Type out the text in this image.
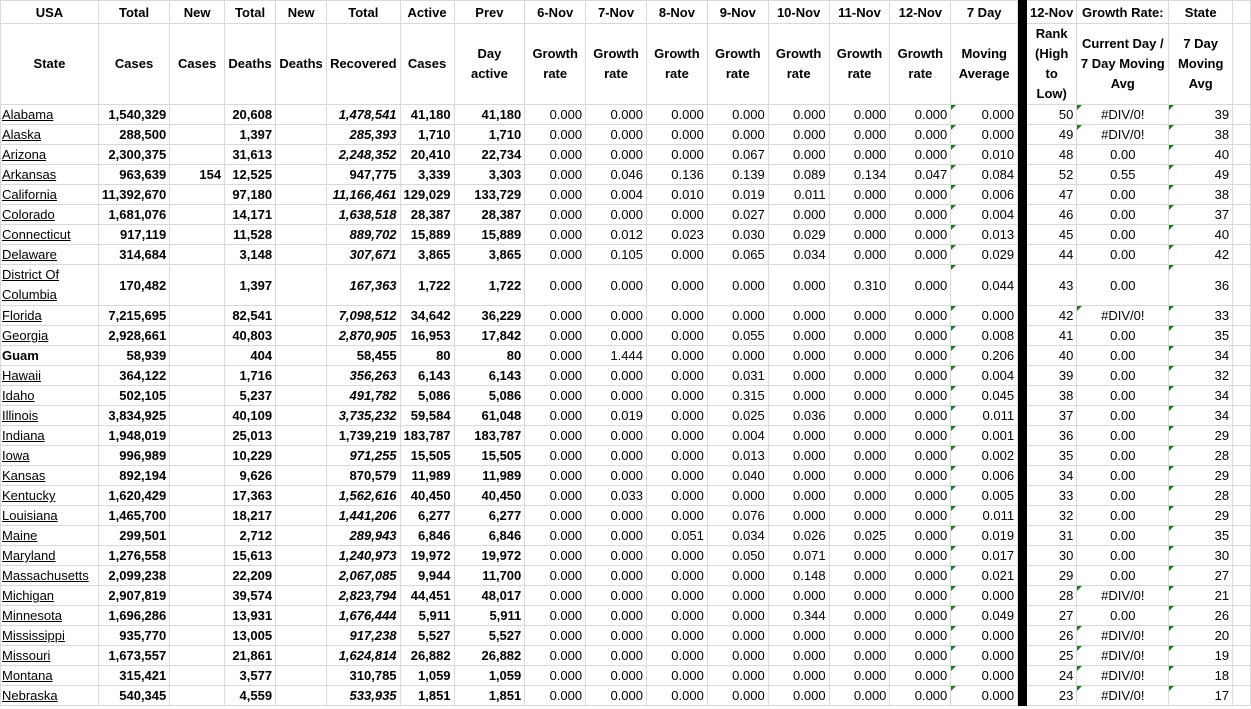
USA	Total	New	Total	New	Total	Active	Prev	6-Nov	7-Nov	8-Nov	9-Nov	10-Nov	11-Nov	12-Nov	7 Day		12-Nov	Growth Rate:	State	
State	Cases	Cases	Deaths	Deaths	Recovered	Cases	Day active	Growth rate	Growth rate	Growth rate	Growth rate	Growth rate	Growth rate	Growth rate	Moving Average		Rank (High to Low)	Current Day / 7 Day Moving Avg	7 Day Moving Avg	
Alabama	1,540,329		20,608		1,478,541	41,180	41,180	0.000	0.000	0.000	0.000	0.000	0.000	0.000	0.000		50	#DIV/0!	39	
Alaska	288,500		1,397		285,393	1,710	1,710	0.000	0.000	0.000	0.000	0.000	0.000	0.000	0.000		49	#DIV/0!	38	
Arizona	2,300,375		31,613		2,248,352	20,410	22,734	0.000	0.000	0.000	0.067	0.000	0.000	0.000	0.010		48	0.00	40	
Arkansas	963,639	154	12,525		947,775	3,339	3,303	0.000	0.046	0.136	0.139	0.089	0.134	0.047	0.084		52	0.55	49	
California	11,392,670		97,180		11,166,461	129,029	133,729	0.000	0.004	0.010	0.019	0.011	0.000	0.000	0.006		47	0.00	38	
Colorado	1,681,076		14,171		1,638,518	28,387	28,387	0.000	0.000	0.000	0.027	0.000	0.000	0.000	0.004		46	0.00	37	
Connecticut	917,119		11,528		889,702	15,889	15,889	0.000	0.012	0.023	0.030	0.029	0.000	0.000	0.013		45	0.00	40	
Delaware	314,684		3,148		307,671	3,865	3,865	0.000	0.105	0.000	0.065	0.034	0.000	0.000	0.029		44	0.00	42	
District Of Columbia	170,482		1,397		167,363	1,722	1,722	0.000	0.000	0.000	0.000	0.000	0.310	0.000	0.044		43	0.00	36	
Florida	7,215,695		82,541		7,098,512	34,642	36,229	0.000	0.000	0.000	0.000	0.000	0.000	0.000	0.000		42	#DIV/0!	33	
Georgia	2,928,661		40,803		2,870,905	16,953	17,842	0.000	0.000	0.000	0.055	0.000	0.000	0.000	0.008		41	0.00	35	
Guam	58,939		404		58,455	80	80	0.000	1.444	0.000	0.000	0.000	0.000	0.000	0.206		40	0.00	34	
Hawaii	364,122		1,716		356,263	6,143	6,143	0.000	0.000	0.000	0.031	0.000	0.000	0.000	0.004		39	0.00	32	
Idaho	502,105		5,237		491,782	5,086	5,086	0.000	0.000	0.000	0.315	0.000	0.000	0.000	0.045		38	0.00	34	
Illinois	3,834,925		40,109		3,735,232	59,584	61,048	0.000	0.019	0.000	0.025	0.036	0.000	0.000	0.011		37	0.00	34	
Indiana	1,948,019		25,013		1,739,219	183,787	183,787	0.000	0.000	0.000	0.004	0.000	0.000	0.000	0.001		36	0.00	29	
Iowa	996,989		10,229		971,255	15,505	15,505	0.000	0.000	0.000	0.013	0.000	0.000	0.000	0.002		35	0.00	28	
Kansas	892,194		9,626		870,579	11,989	11,989	0.000	0.000	0.000	0.040	0.000	0.000	0.000	0.006		34	0.00	29	
Kentucky	1,620,429		17,363		1,562,616	40,450	40,450	0.000	0.033	0.000	0.000	0.000	0.000	0.000	0.005		33	0.00	28	
Louisiana	1,465,700		18,217		1,441,206	6,277	6,277	0.000	0.000	0.000	0.076	0.000	0.000	0.000	0.011		32	0.00	29	
Maine	299,501		2,712		289,943	6,846	6,846	0.000	0.000	0.051	0.034	0.026	0.025	0.000	0.019		31	0.00	35	
Maryland	1,276,558		15,613		1,240,973	19,972	19,972	0.000	0.000	0.000	0.050	0.071	0.000	0.000	0.017		30	0.00	30	
Massachusetts	2,099,238		22,209		2,067,085	9,944	11,700	0.000	0.000	0.000	0.000	0.148	0.000	0.000	0.021		29	0.00	27	
Michigan	2,907,819		39,574		2,823,794	44,451	48,017	0.000	0.000	0.000	0.000	0.000	0.000	0.000	0.000		28	#DIV/0!	21	
Minnesota	1,696,286		13,931		1,676,444	5,911	5,911	0.000	0.000	0.000	0.000	0.344	0.000	0.000	0.049		27	0.00	26	
Mississippi	935,770		13,005		917,238	5,527	5,527	0.000	0.000	0.000	0.000	0.000	0.000	0.000	0.000		26	#DIV/0!	20	
Missouri	1,673,557		21,861		1,624,814	26,882	26,882	0.000	0.000	0.000	0.000	0.000	0.000	0.000	0.000		25	#DIV/0!	19	
Montana	315,421		3,577		310,785	1,059	1,059	0.000	0.000	0.000	0.000	0.000	0.000	0.000	0.000		24	#DIV/0!	18	
Nebraska	540,345		4,559		533,935	1,851	1,851	0.000	0.000	0.000	0.000	0.000	0.000	0.000	0.000		23	#DIV/0!	17	
